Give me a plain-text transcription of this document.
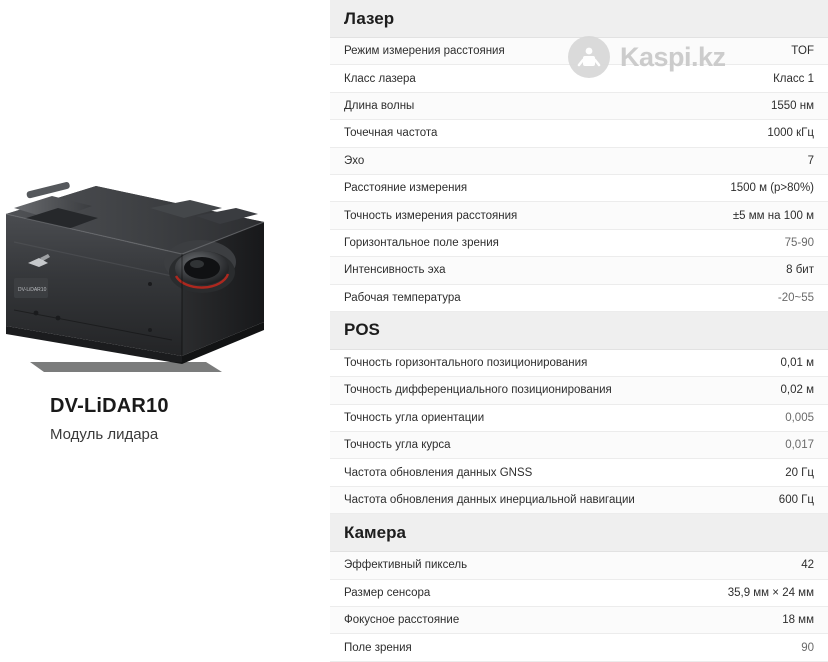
DV-LiDAR10
DV-LiDAR10
Модуль лидара
Лазер
Режим измерения расстояния	TOF
Класс лазера	Класс 1
Длина волны	1550 нм
Точечная частота	1000 кГц
Эхо	7
Расстояние измерения	1500 м (p>80%)
Точность измерения расстояния	±5 мм на 100 м
Горизонтальное поле зрения	75-90
Интенсивность эха	8 бит
Рабочая температура	-20~55
POS
Точность горизонтального позиционирования	0,01 м
Точность дифференциального позиционирования	0,02 м
Точность угла ориентации	0,005
Точность угла курса	0,017
Частота обновления данных GNSS	20 Гц
Частота обновления данных инерциальной навигации	600 Гц
Камера
Эффективный пиксель	42
Размер сенсора	35,9 мм × 24 мм
Фокусное расстояние	18 мм
Поле зрения	90
Kaspi.kz
